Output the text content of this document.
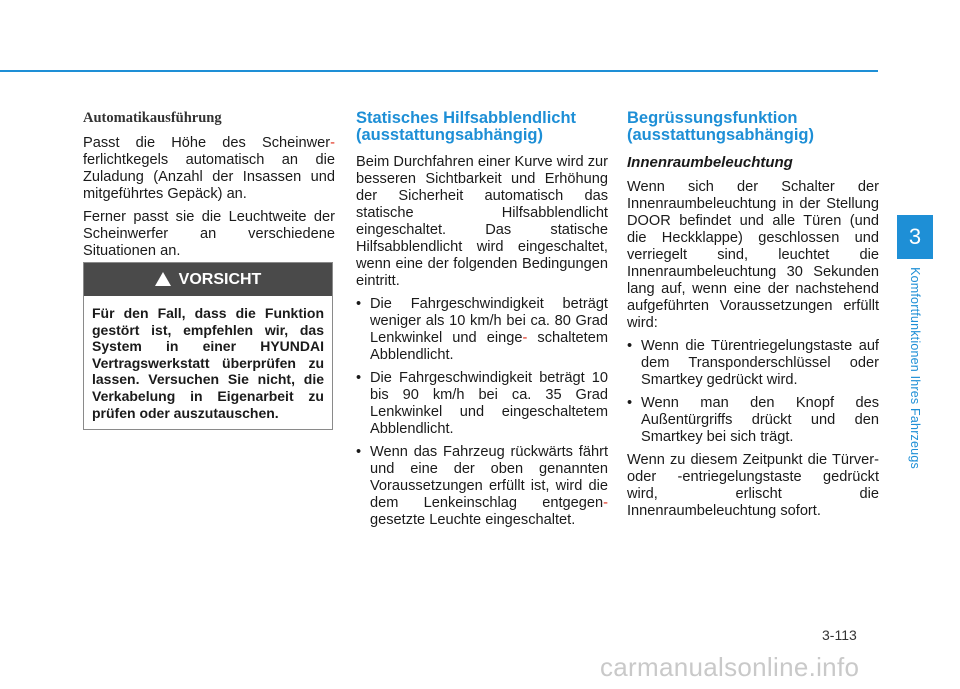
Automatikausführung

Passt die Höhe des Scheinwer- ferlichtkegels automatisch an die Zuladung (Anzahl der Insassen und mitgeführtes Gepäck) an.

Ferner passt sie die Leuchtweite der Scheinwerfer an verschiedene Situationen an.

VORSICHT
Für den Fall, dass die Funktion gestört ist, empfehlen wir, das System in einer HYUNDAI Vertragswerkstatt überprüfen zu lassen. Versuchen Sie nicht, die Verkabelung in Eigenarbeit zu prüfen oder auszutauschen.
Statisches Hilfsabblendlicht (ausstattungsabhängig)

Beim Durchfahren einer Kurve wird zur besseren Sichtbarkeit und Erhöhung der Sicherheit automatisch das statische Hilfsabblendlicht eingeschaltet. Das statische Hilfsabblendlicht wird eingeschaltet, wenn eine der folgenden Bedingungen eintritt.

• Die Fahrgeschwindigkeit beträgt weniger als 10 km/h bei ca. 80 Grad Lenkwinkel und einge- schaltetem Abblendlicht.
• Die Fahrgeschwindigkeit beträgt 10 bis 90 km/h bei ca. 35 Grad Lenkwinkel und eingeschaltetem Abblendlicht.
• Wenn das Fahrzeug rückwärts fährt und eine der oben genannten Voraussetzungen erfüllt ist, wird die dem Lenkeinschlag entgegen- gesetzte Leuchte eingeschaltet.
Begrüssungsfunktion (ausstattungsabhängig)
Innenraumbeleuchtung

Wenn sich der Schalter der Innenraumbeleuchtung in der Stellung DOOR befindet und alle Türen (und die Heckklappe) geschlossen und verriegelt sind, leuchtet die Innenraumbeleuchtung 30 Sekunden lang auf, wenn eine der nachstehend aufgeführten Voraussetzungen erfüllt wird:

• Wenn die Türentriegelungstaste auf dem Transponderschlüssel oder Smartkey gedrückt wird.
• Wenn man den Knopf des Außentürgriffs drückt und den Smartkey bei sich trägt.

Wenn zu diesem Zeitpunkt die Türver- oder -entriegelungstaste gedrückt wird, erlischt die Innenraumbeleuchtung sofort.

3
Komfortfunktionen Ihres Fahrzeugs
3-113
carmanualsonline.info
